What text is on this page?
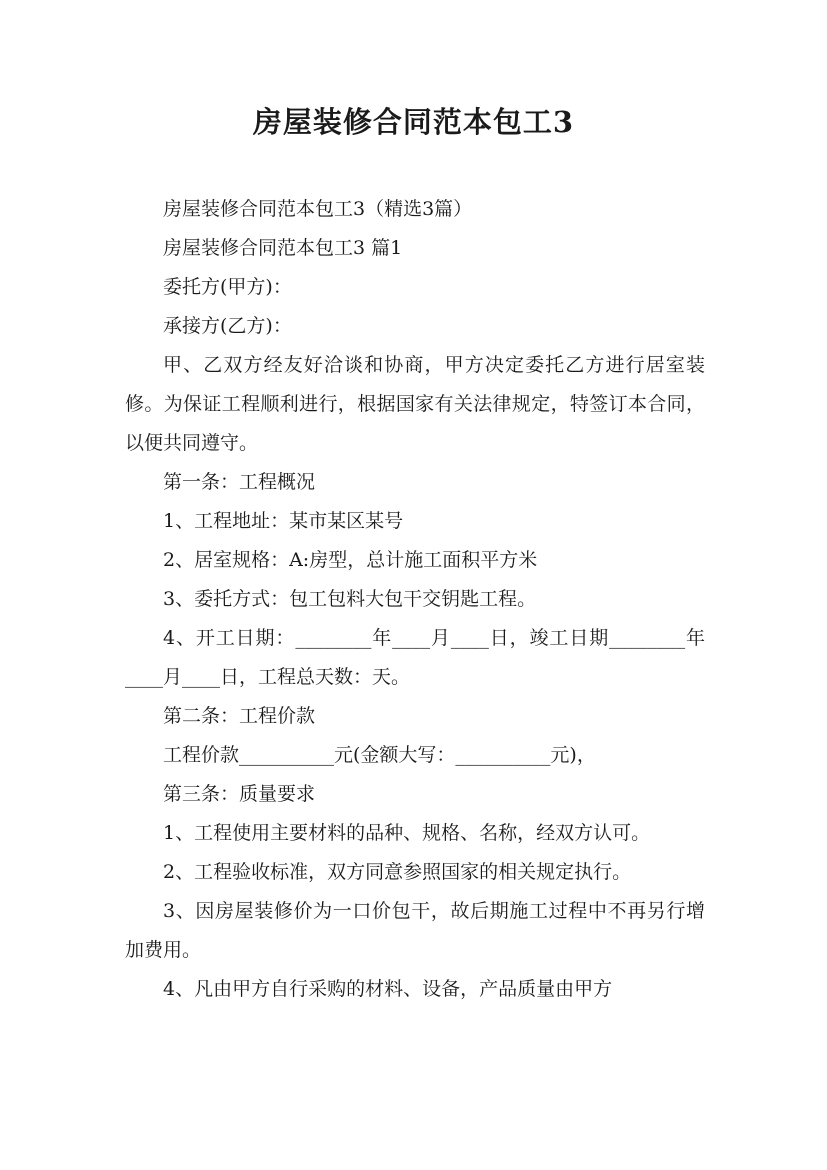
房屋装修合同范本包工3

房屋装修合同范本包工3（精选3篇）

房屋装修合同范本包工3 篇1

委托方(甲方)：

承接方(乙方)：

甲、乙双方经友好洽谈和协商，甲方决定委托乙方进行居室装修。为保证工程顺利进行，根据国家有关法律规定，特签订本合同，以便共同遵守。

第一条：工程概况

1、工程地址：某市某区某号

2、居室规格：A:房型，总计施工面积平方米

3、委托方式：包工包料大包干交钥匙工程。

4、开工日期：________年____月____日，竣工日期________年____月____日，工程总天数：天。

第二条：工程价款

工程价款__________元(金额大写：__________元)，

第三条：质量要求

1、工程使用主要材料的品种、规格、名称，经双方认可。

2、工程验收标准，双方同意参照国家的相关规定执行。

3、因房屋装修价为一口价包干，故后期施工过程中不再另行增加费用。

4、凡由甲方自行采购的材料、设备，产品质量由甲方
